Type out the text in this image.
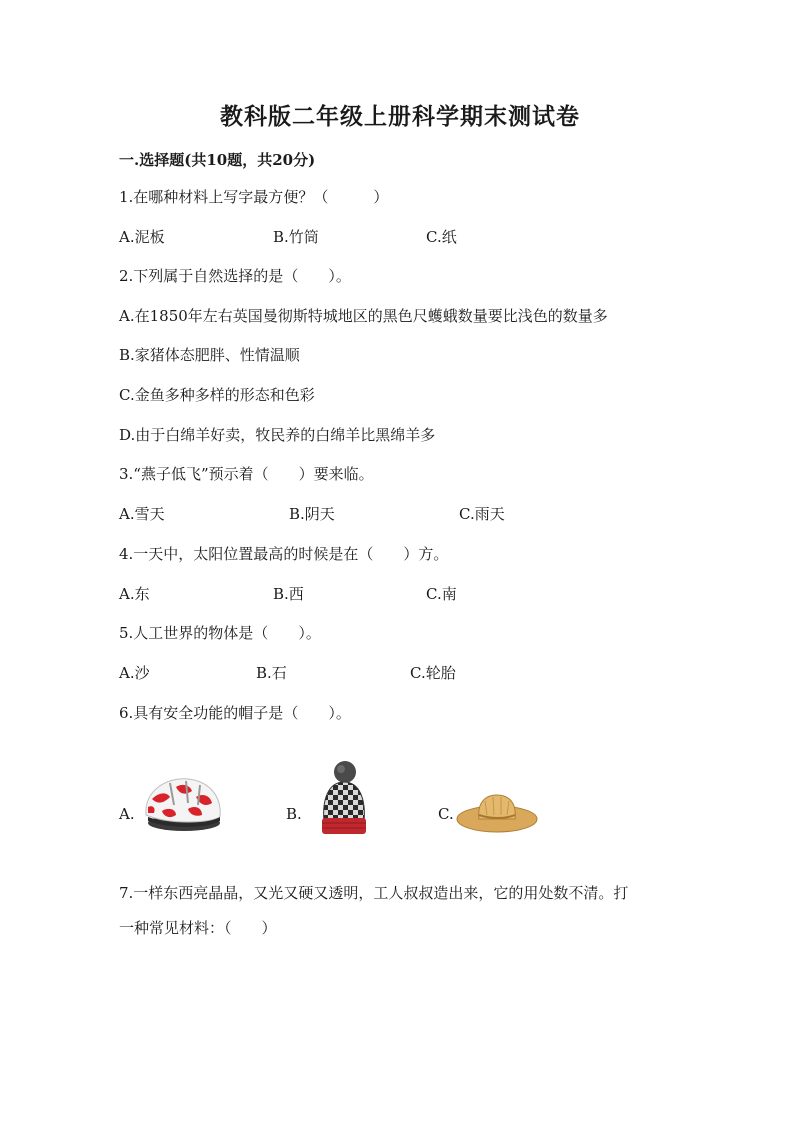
教科版二年级上册科学期末测试卷
一.选择题(共10题，共20分)
1.在哪种材料上写字最方便？（　　　）
A.泥板	B.竹筒	C.纸
2.下列属于自然选择的是（　　）。
A.在1850年左右英国曼彻斯特城地区的黑色尺蠖蛾数量要比浅色的数量多
B.家猪体态肥胖、性情温顺
C.金鱼多种多样的形态和色彩
D.由于白绵羊好卖，牧民养的白绵羊比黑绵羊多
3.“燕子低飞”预示着（　　）要来临。
A.雪天	B.阴天	C.雨天
4.一天中，太阳位置最高的时候是在（　　）方。
A.东	B.西	C.南
5.人工世界的物体是（　　）。
A.沙	B.石	C.轮胎
6.具有安全功能的帽子是（　　）。
A.	B.	C.
7.一样东西亮晶晶，又光又硬又透明，工人叔叔造出来，它的用处数不清。打
一种常见材料：（　　）
